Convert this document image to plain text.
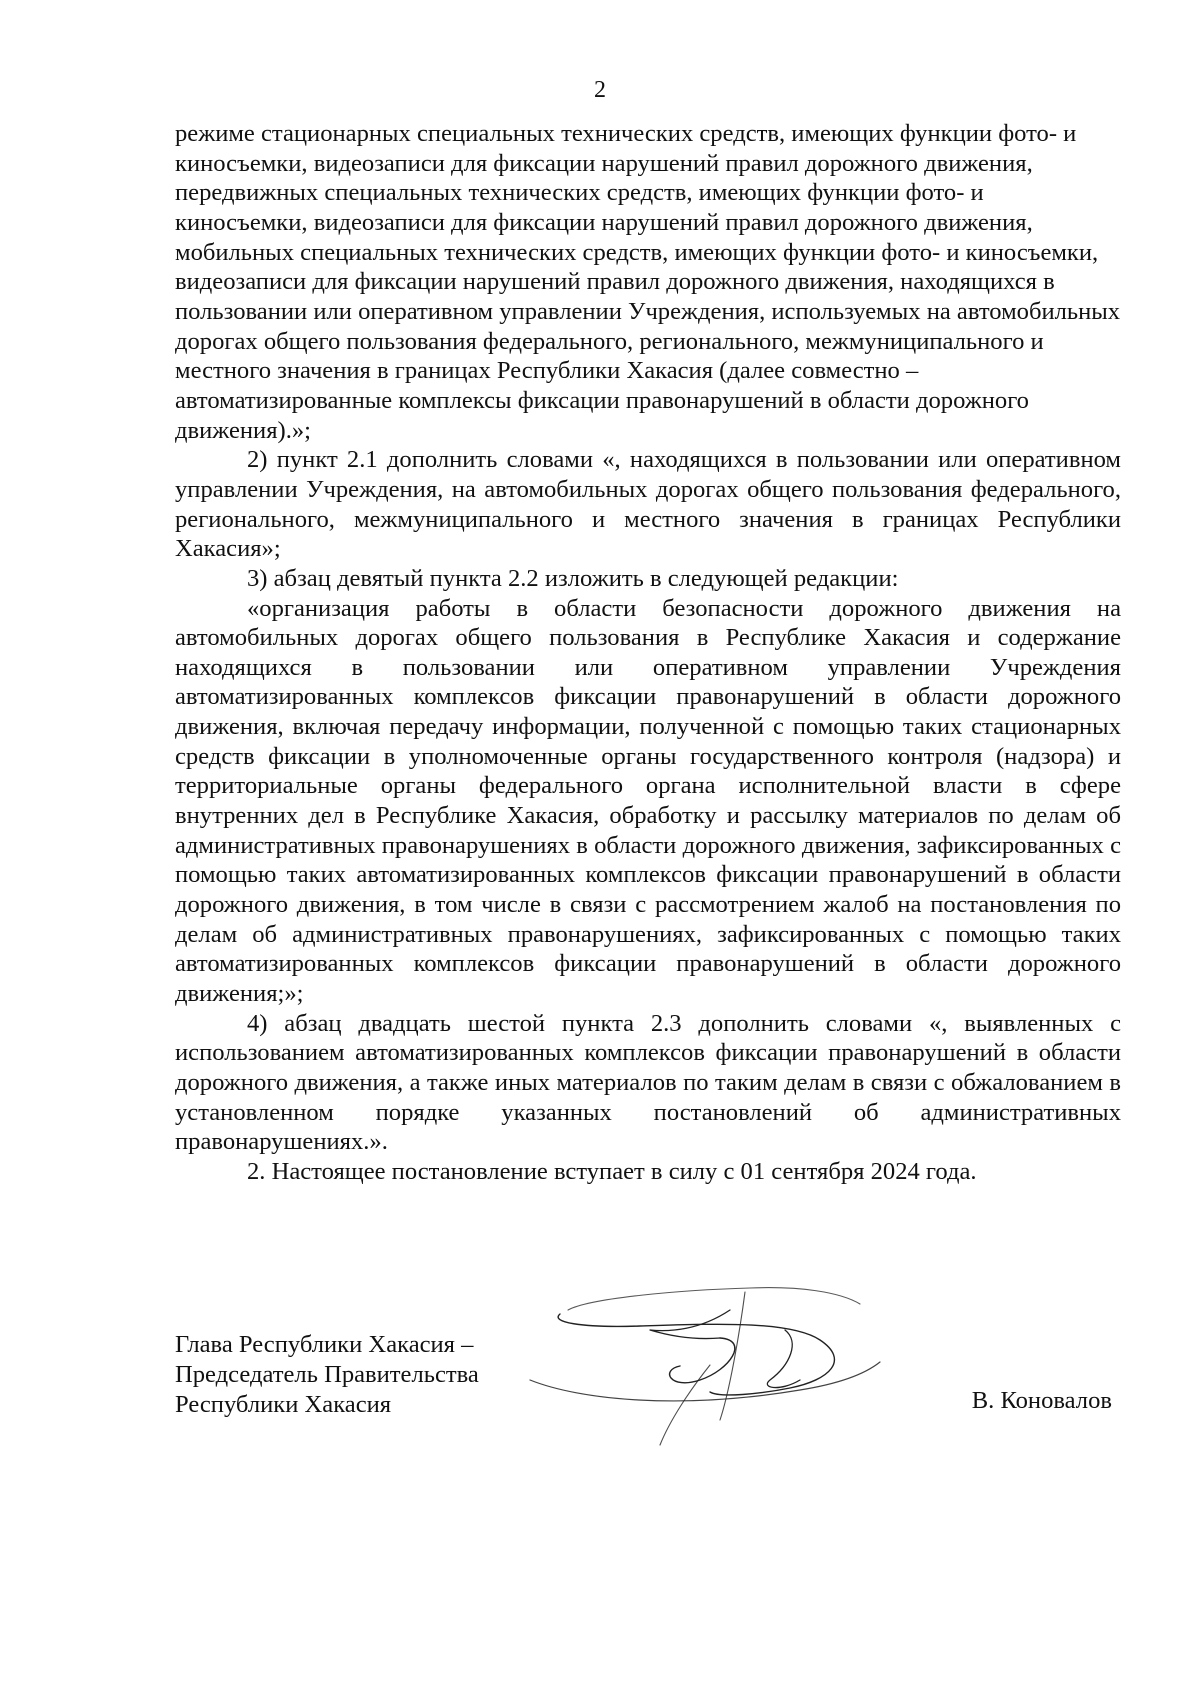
2

режиме стационарных специальных технических средств, имеющих функции фото- и киносъемки, видеозаписи для фиксации нарушений правил дорожного движения, передвижных специальных технических средств, имеющих функции фото- и киносъемки, видеозаписи для фиксации нарушений правил дорожного движения, мобильных специальных технических средств, имеющих функции фото- и киносъемки, видеозаписи для фиксации нарушений правил дорожного движения, находящихся в пользовании или оперативном управлении Учреждения, используемых на автомобильных дорогах общего пользования федерального, регионального, межмуниципального и местного значения в границах Республики Хакасия (далее совместно – автоматизированные комплексы фиксации правонарушений в области дорожного движения).»;

2) пункт 2.1 дополнить словами «, находящихся в пользовании или оперативном управлении Учреждения, на автомобильных дорогах общего пользования федерального, регионального, межмуниципального и местного значения в границах Республики Хакасия»;

3) абзац девятый пункта 2.2 изложить в следующей редакции:

«организация работы в области безопасности дорожного движения на автомобильных дорогах общего пользования в Республике Хакасия и содержание находящихся в пользовании или оперативном управлении Учреждения автоматизированных комплексов фиксации правонарушений в области дорожного движения, включая передачу информации, полученной с помощью таких стационарных средств фиксации в уполномоченные органы государственного контроля (надзора) и территориальные органы федерального органа исполнительной власти в сфере внутренних дел в Республике Хакасия, обработку и рассылку материалов по делам об административных правонарушениях в области дорожного движения, зафиксированных с помощью таких автоматизированных комплексов фиксации правонарушений в области дорожного движения, в том числе в связи с рассмотрением жалоб на постановления по делам об административных правонарушениях, зафиксированных с помощью таких автоматизированных комплексов фиксации правонарушений в области дорожного движения;»;

4) абзац двадцать шестой пункта 2.3 дополнить словами «, выявленных с использованием автоматизированных комплексов фиксации правонарушений в области дорожного движения, а также иных материалов по таким делам в связи с обжалованием в установленном порядке указанных постановлений об административных правонарушениях.».

2. Настоящее постановление вступает в силу с 01 сентября 2024 года.

Глава Республики Хакасия –
Председатель Правительства
Республики Хакасия	В. Коновалов
